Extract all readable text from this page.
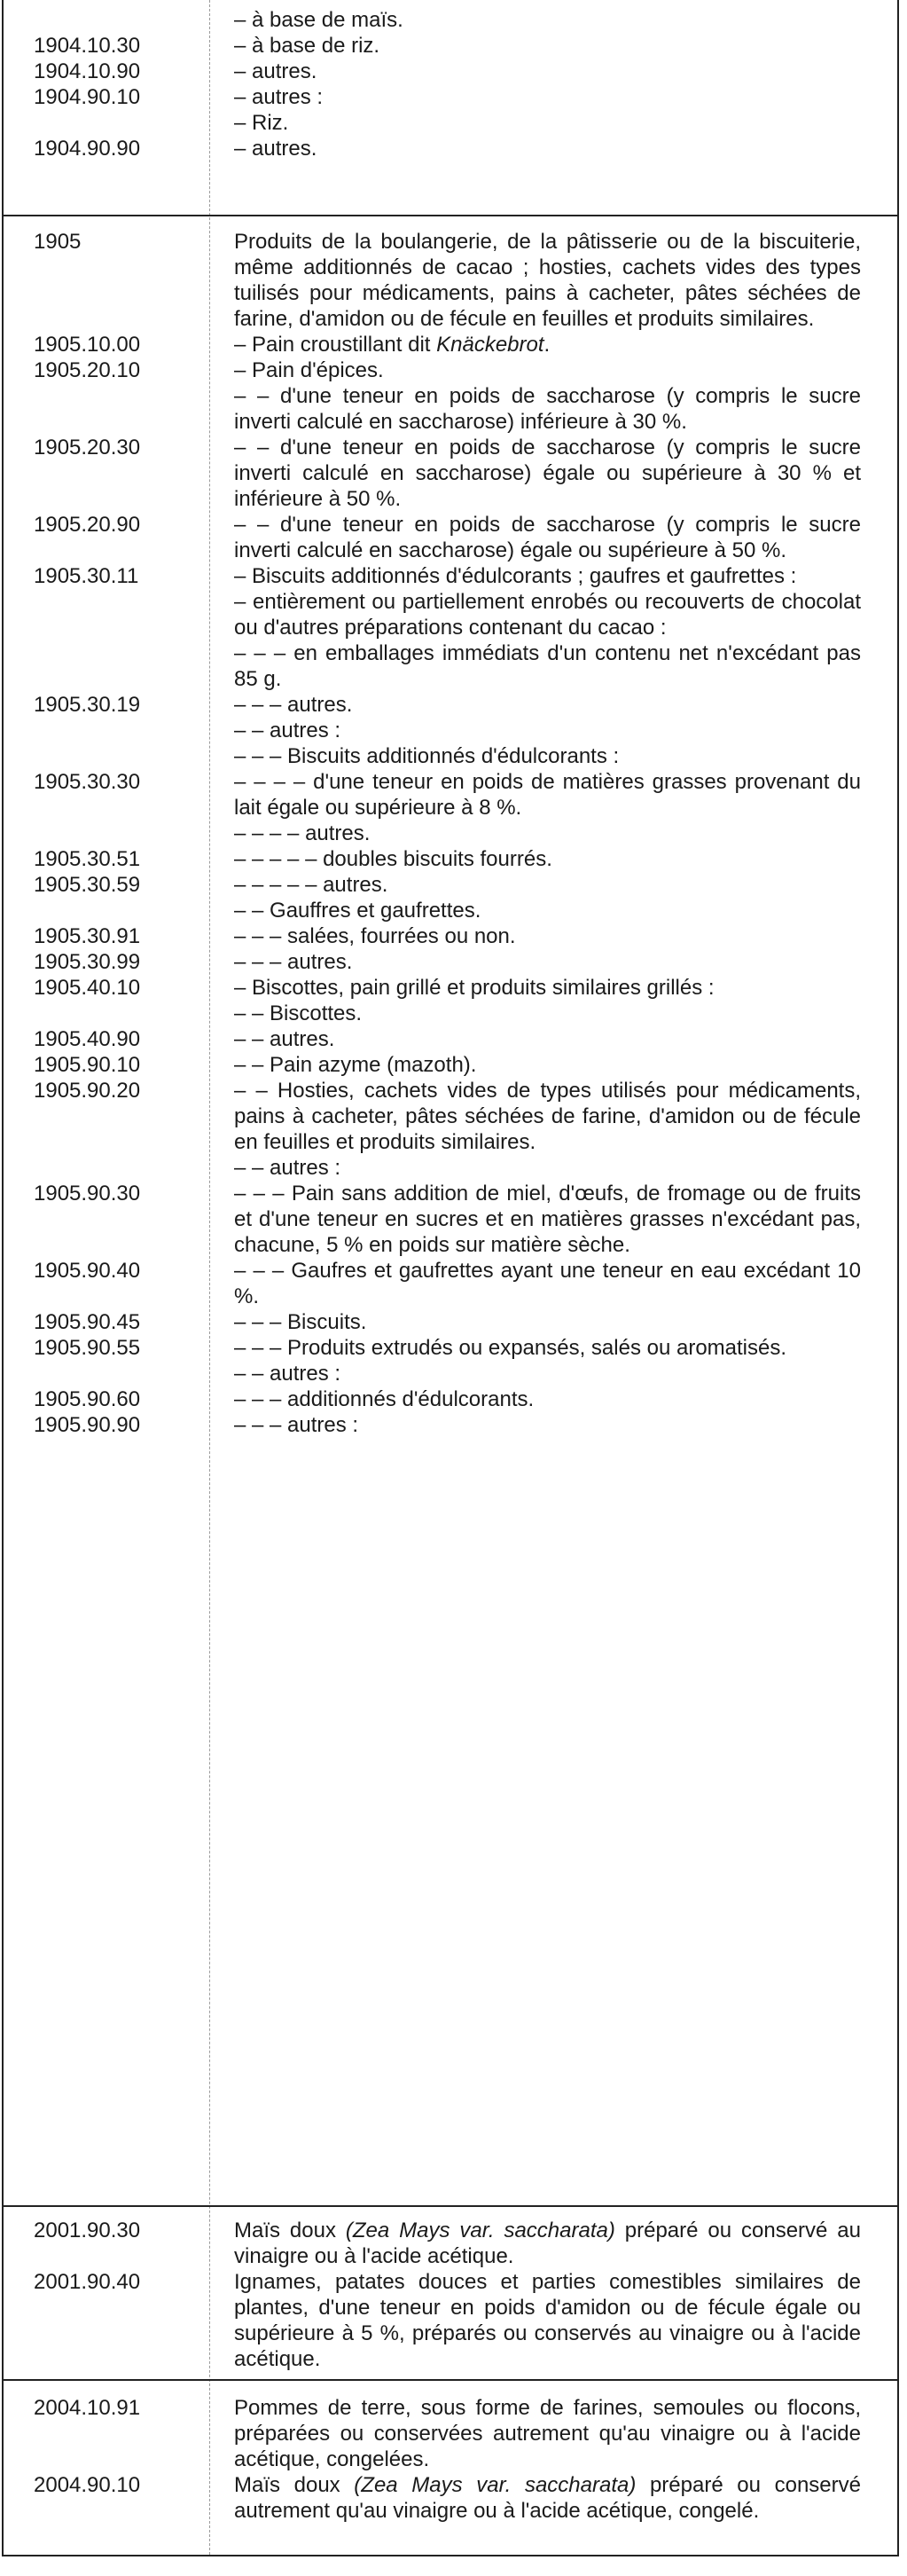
– à base de maïs.
1904.10.30	– à base de riz.
1904.10.90	– autres.
1904.90.10	– autres :
– Riz.
1904.90.90	– autres.
1905	Produits de la boulangerie, de la pâtisserie ou de la biscuiterie, même additionnés de cacao ; hosties, cachets vides des types tuilisés pour médicaments, pains à cacheter, pâtes séchées de farine, d'amidon ou de fécule en feuilles et produits similaires.
1905.10.00	– Pain croustillant dit Knäckebrot.
1905.20.10	– Pain d'épices.
– – d'une teneur en poids de saccharose (y compris le sucre inverti calculé en saccharose) inférieure à 30 %.
1905.20.30	– – d'une teneur en poids de saccharose (y compris le sucre inverti calculé en saccharose) égale ou supérieure à 30 % et inférieure à 50 %.
1905.20.90	– – d'une teneur en poids de saccharose (y compris le sucre inverti calculé en saccharose) égale ou supérieure à 50 %.
1905.30.11	– Biscuits additionnés d'édulcorants ; gaufres et gaufrettes :
– entièrement ou partiellement enrobés ou recouverts de chocolat ou d'autres préparations contenant du cacao :
– – – en emballages immédiats d'un contenu net n'excédant pas 85 g.
1905.30.19	– – – autres.
– – autres :
– – – Biscuits additionnés d'édulcorants :
1905.30.30	– – – – d'une teneur en poids de matières grasses provenant du lait égale ou supérieure à 8 %.
– – – – autres.
1905.30.51	– – – – – doubles biscuits fourrés.
1905.30.59	– – – – – autres.
– – Gauffres et gaufrettes.
1905.30.91	– – – salées, fourrées ou non.
1905.30.99	– – – autres.
1905.40.10	– Biscottes, pain grillé et produits similaires grillés :
– – Biscottes.
1905.40.90	– – autres.
1905.90.10	– – Pain azyme (mazoth).
1905.90.20	– – Hosties, cachets vides de types utilisés pour médicaments, pains à cacheter, pâtes séchées de farine, d'amidon ou de fécule en feuilles et produits similaires.
– – autres :
1905.90.30	– – – Pain sans addition de miel, d'œufs, de fromage ou de fruits et d'une teneur en sucres et en matières grasses n'excédant pas, chacune, 5 % en poids sur matière sèche.
1905.90.40	– – – Gaufres et gaufrettes ayant une teneur en eau excédant 10 %.
1905.90.45	– – – Biscuits.
1905.90.55	– – – Produits extrudés ou expansés, salés ou aromatisés.
– – autres :
1905.90.60	– – – additionnés d'édulcorants.
1905.90.90	– – – autres :
2001.90.30	Maïs doux (Zea Mays var. saccharata) préparé ou conservé au vinaigre ou à l'acide acétique.
2001.90.40	Ignames, patates douces et parties comestibles similaires de plantes, d'une teneur en poids d'amidon ou de fécule égale ou supérieure à 5 %, préparés ou conservés au vinaigre ou à l'acide acétique.
2004.10.91	Pommes de terre, sous forme de farines, semoules ou flocons, préparées ou conservées autrement qu'au vinaigre ou à l'acide acétique, congelées.
2004.90.10	Maïs doux (Zea Mays var. saccharata) préparé ou conservé autrement qu'au vinaigre ou à l'acide acétique, congelé.
